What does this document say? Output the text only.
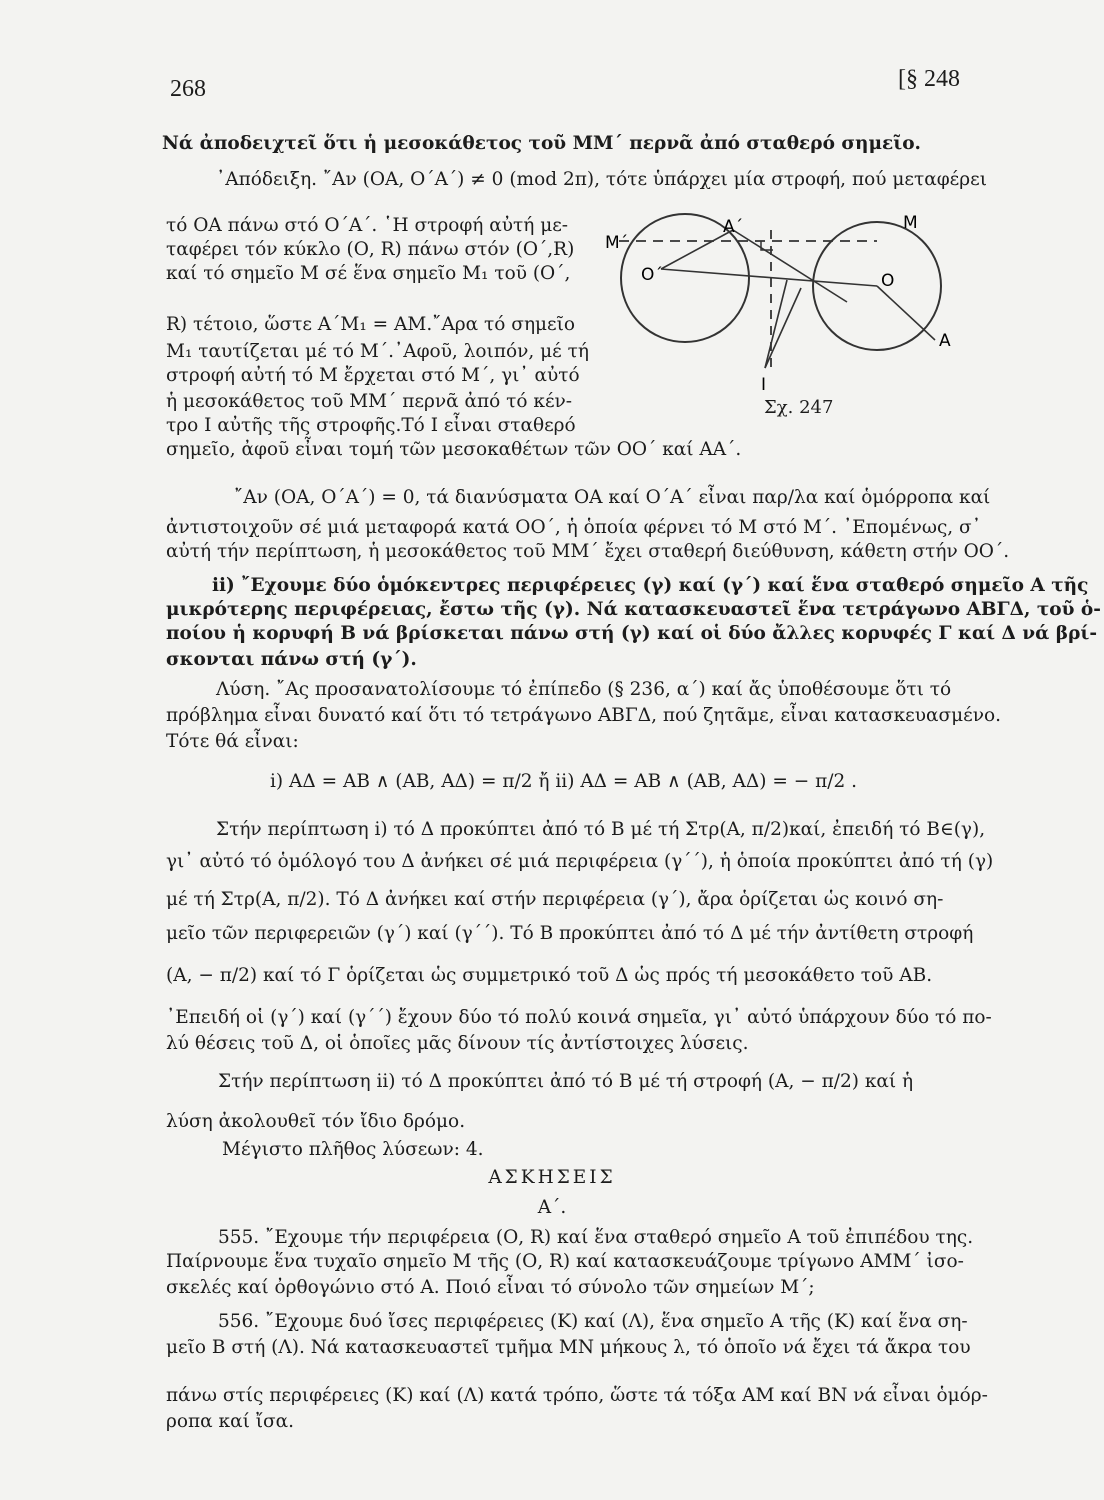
268	[§ 248
Νά ἀποδειχτεῖ ὅτι ἡ μεσοκάθετος τοῦ ΜΜ΄ περνᾶ ἀπό σταθερό σημεῖο.
᾿Απόδειξη. ῎Αν (ΟΑ, Ο΄Α΄) ≠ 0 (mod 2π), τότε ὑπάρχει μία στροφή, πού μεταφέρει
τό ΟΑ πάνω στό Ο΄Α΄. ῾Η στροφή αὐτή με-
ταφέρει τόν κύκλο (Ο, R) πάνω στόν (Ο΄,R)
καί τό σημεῖο Μ σέ ἕνα σημεῖο Μ₁ τοῦ (Ο΄,
R) τέτοιο, ὥστε Α΄Μ₁ = ΑΜ.῎Αρα τό σημεῖο
Μ₁ ταυτίζεται μέ τό Μ΄.᾿Αφοῦ, λοιπόν, μέ τή
στροφή αὐτή τό Μ ἔρχεται στό Μ΄, γι᾿ αὐτό
ἡ μεσοκάθετος τοῦ ΜΜ΄ περνᾶ ἀπό τό κέν-
τρο Ι αὐτῆς τῆς στροφῆς.Τό Ι εἶναι σταθερό
σημεῖο, ἀφοῦ εἶναι τομή τῶν μεσοκαθέτων τῶν ΟΟ΄ καί ΑΑ΄.
Α΄	Μ
Μ΄
Ο΄	Ο
Α
Ι
Σχ. 247
῎Αν (ΟΑ, Ο΄Α΄) = 0, τά διανύσματα ΟΑ καί Ο΄Α΄ εἶναι παρ/λα καί ὁμόρροπα καί
ἀντιστοιχοῦν σέ μιά μεταφορά κατά ΟΟ΄, ἡ ὁποία φέρνει τό Μ στό Μ΄. ᾿Επομένως, σ᾿
αὐτή τήν περίπτωση, ἡ μεσοκάθετος τοῦ ΜΜ΄ ἔχει σταθερή διεύθυνση, κάθετη στήν ΟΟ΄.
ii) ῎Εχουμε δύο ὁμόκεντρες περιφέρειες (γ) καί (γ΄) καί ἕνα σταθερό σημεῖο Α τῆς
μικρότερης περιφέρειας, ἔστω τῆς (γ). Νά κατασκευαστεῖ ἕνα τετράγωνο ΑΒΓΔ, τοῦ ὁ-
ποίου ἡ κορυφή Β νά βρίσκεται πάνω στή (γ) καί οἱ δύο ἄλλες κορυφές Γ καί Δ νά βρί-
σκονται πάνω στή (γ΄).
Λύση. ῎Ας προσανατολίσουμε τό ἐπίπεδο (§ 236, α΄) καί ἄς ὑποθέσουμε ὅτι τό
πρόβλημα εἶναι δυνατό καί ὅτι τό τετράγωνο ΑΒΓΔ, πού ζητᾶμε, εἶναι κατασκευασμένο.
Τότε θά εἶναι:
i) ΑΔ = ΑΒ ∧ (ΑΒ, ΑΔ) = π/2 ἤ ii) ΑΔ = ΑΒ ∧ (ΑΒ, ΑΔ) = − π/2 .
Στήν περίπτωση i) τό Δ προκύπτει ἀπό τό Β μέ τή Στρ(Α, π/2)καί, ἐπειδή τό Β∈(γ),
γι᾿ αὐτό τό ὁμόλογό του Δ ἀνήκει σέ μιά περιφέρεια (γ΄΄), ἡ ὁποία προκύπτει ἀπό τή (γ)
μέ τή Στρ(Α, π/2). Τό Δ ἀνήκει καί στήν περιφέρεια (γ΄), ἄρα ὁρίζεται ὡς κοινό ση-
μεῖο τῶν περιφερειῶν (γ΄) καί (γ΄΄). Τό Β προκύπτει ἀπό τό Δ μέ τήν ἀντίθετη στροφή
(Α, − π/2) καί τό Γ ὁρίζεται ὡς συμμετρικό τοῦ Δ ὡς πρός τή μεσοκάθετο τοῦ ΑΒ.
᾿Επειδή οἱ (γ΄) καί (γ΄΄) ἔχουν δύο τό πολύ κοινά σημεῖα, γι᾿ αὐτό ὑπάρχουν δύο τό πο-
λύ θέσεις τοῦ Δ, οἱ ὁποῖες μᾶς δίνουν τίς ἀντίστοιχες λύσεις.
Στήν περίπτωση ii) τό Δ προκύπτει ἀπό τό Β μέ τή στροφή (Α, − π/2) καί ἡ
λύση ἀκολουθεῖ τόν ἴδιο δρόμο.
Μέγιστο πλῆθος λύσεων: 4.
ΑΣΚΗΣΕΙΣ
Α΄.
555. ῎Εχουμε τήν περιφέρεια (Ο, R) καί ἕνα σταθερό σημεῖο Α τοῦ ἐπιπέδου της.
Παίρνουμε ἕνα τυχαῖο σημεῖο Μ τῆς (Ο, R) καί κατασκευάζουμε τρίγωνο ΑΜΜ΄ ἰσο-
σκελές καί ὀρθογώνιο στό Α. Ποιό εἶναι τό σύνολο τῶν σημείων Μ΄;
556. ῎Εχουμε δυό ἴσες περιφέρειες (Κ) καί (Λ), ἕνα σημεῖο Α τῆς (Κ) καί ἕνα ση-
μεῖο Β στή (Λ). Νά κατασκευαστεῖ τμῆμα ΜΝ μήκους λ, τό ὁποῖο νά ἔχει τά ἄκρα του
πάνω στίς περιφέρειες (Κ) καί (Λ) κατά τρόπο, ὥστε τά τόξα ΑΜ καί ΒΝ νά εἶναι ὁμόρ-
ροπα καί ἴσα.
